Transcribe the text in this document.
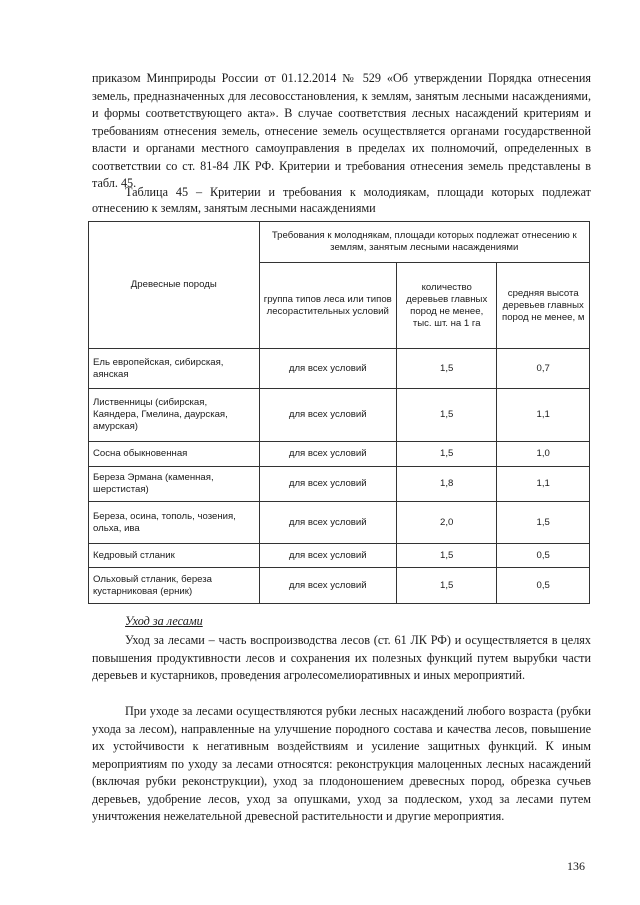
приказом Минприроды России от 01.12.2014 № 529 «Об утверждении Порядка отнесения земель, предназначенных для лесовосстановления, к землям, занятым лесными насаждениями, и формы соответствующего акта». В случае соответствия лесных насаждений критериям и требованиям отнесения земель, отнесение земель осуществляется органами государственной власти и органами местного самоуправления в пределах их полномочий, определенных в соответствии со ст. 81-84 ЛК РФ. Критерии и требования отнесения земель представлены в табл. 45.

Таблица 45 – Критерии и требования к молодиякам, площади которых подлежат отнесению к землям, занятым лесными насаждениями

Древесные породы	Требования к молоднякам, площади которых подлежат отнесению к землям, занятым лесными насаждениями		
	группа типов леса или типов лесорастительных условий	количество деревьев главных пород не менее, тыс. шт. на 1 га	средняя высота деревьев главных пород не менее, м
Ель европейская, сибирская, аянская	для всех условий	1,5	0,7
Лиственницы (сибирская, Каяндера, Гмелина, даурская, амурская)	для всех условий	1,5	1,1
Сосна обыкновенная	для всех условий	1,5	1,0
Береза Эрмана (каменная, шерстистая)	для всех условий	1,8	1,1
Береза, осина, тополь, чозения, ольха, ива	для всех условий	2,0	1,5
Кедровый стланик	для всех условий	1,5	0,5
Ольховый стланик, береза кустарниковая (ерник)	для всех условий	1,5	0,5

Уход за лесами

Уход за лесами – часть воспроизводства лесов (ст. 61 ЛК РФ) и осуществляется в целях повышения продуктивности лесов и сохранения их полезных функций путем вырубки части деревьев и кустарников, проведения агролесомелиоративных и иных мероприятий.

При уходе за лесами осуществляются рубки лесных насаждений любого возраста (рубки ухода за лесом), направленные на улучшение породного состава и качества лесов, повышение их устойчивости к негативным воздействиям и усиление защитных функций. К иным мероприятиям по уходу за лесами относятся: реконструкция малоценных лесных насаждений (включая рубки реконструкции), уход за плодоношением древесных пород, обрезка сучьев деревьев, удобрение лесов, уход за опушками, уход за подлеском, уход за лесами путем уничтожения нежелательной древесной растительности и другие мероприятия.

136
